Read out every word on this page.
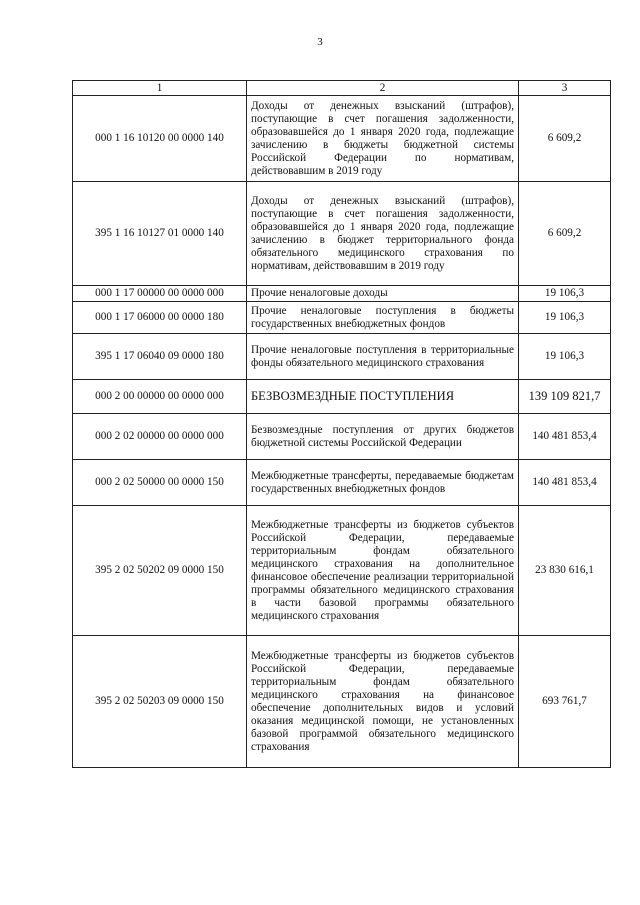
3
1	2	3
000 1 16 10120 00 0000 140	Доходы от денежных взысканий (штрафов), поступающие в счет погашения задолженности, образовавшейся до 1 января 2020 года, подлежащие зачислению в бюджеты бюджетной системы Российской Федерации по нормативам, действовавшим в 2019 году	6 609,2
395 1 16 10127 01 0000 140	Доходы от денежных взысканий (штрафов), поступающие в счет погашения задолженности, образовавшейся до 1 января 2020 года, подлежащие зачислению в бюджет территориального фонда обязательного медицинского страхования по нормативам, действовавшим в 2019 году	6 609,2
000 1 17 00000 00 0000 000	Прочие неналоговые доходы	19 106,3
000 1 17 06000 00 0000 180	Прочие неналоговые поступления в бюджеты государственных внебюджетных фондов	19 106,3
395 1 17 06040 09 0000 180	Прочие неналоговые поступления в территориальные фонды обязательного медицинского страхования	19 106,3
000 2 00 00000 00 0000 000	БЕЗВОЗМЕЗДНЫЕ ПОСТУПЛЕНИЯ	139 109 821,7
000 2 02 00000 00 0000 000	Безвозмездные поступления от других бюджетов бюджетной системы Российской Федерации	140 481 853,4
000 2 02 50000 00 0000 150	Межбюджетные трансферты, передаваемые бюджетам государственных внебюджетных фондов	140 481 853,4
395 2 02 50202 09 0000 150	Межбюджетные трансферты из бюджетов субъектов Российской Федерации, передаваемые территориальным фондам обязательного медицинского страхования на дополнительное финансовое обеспечение реализации территориальной программы обязательного медицинского страхования в части базовой программы обязательного медицинского страхования	23 830 616,1
395 2 02 50203 09 0000 150	Межбюджетные трансферты из бюджетов субъектов Российской Федерации, передаваемые территориальным фондам обязательного медицинского страхования на финансовое обеспечение дополнительных видов и условий оказания медицинской помощи, не установленных базовой программой обязательного медицинского страхования	693 761,7
